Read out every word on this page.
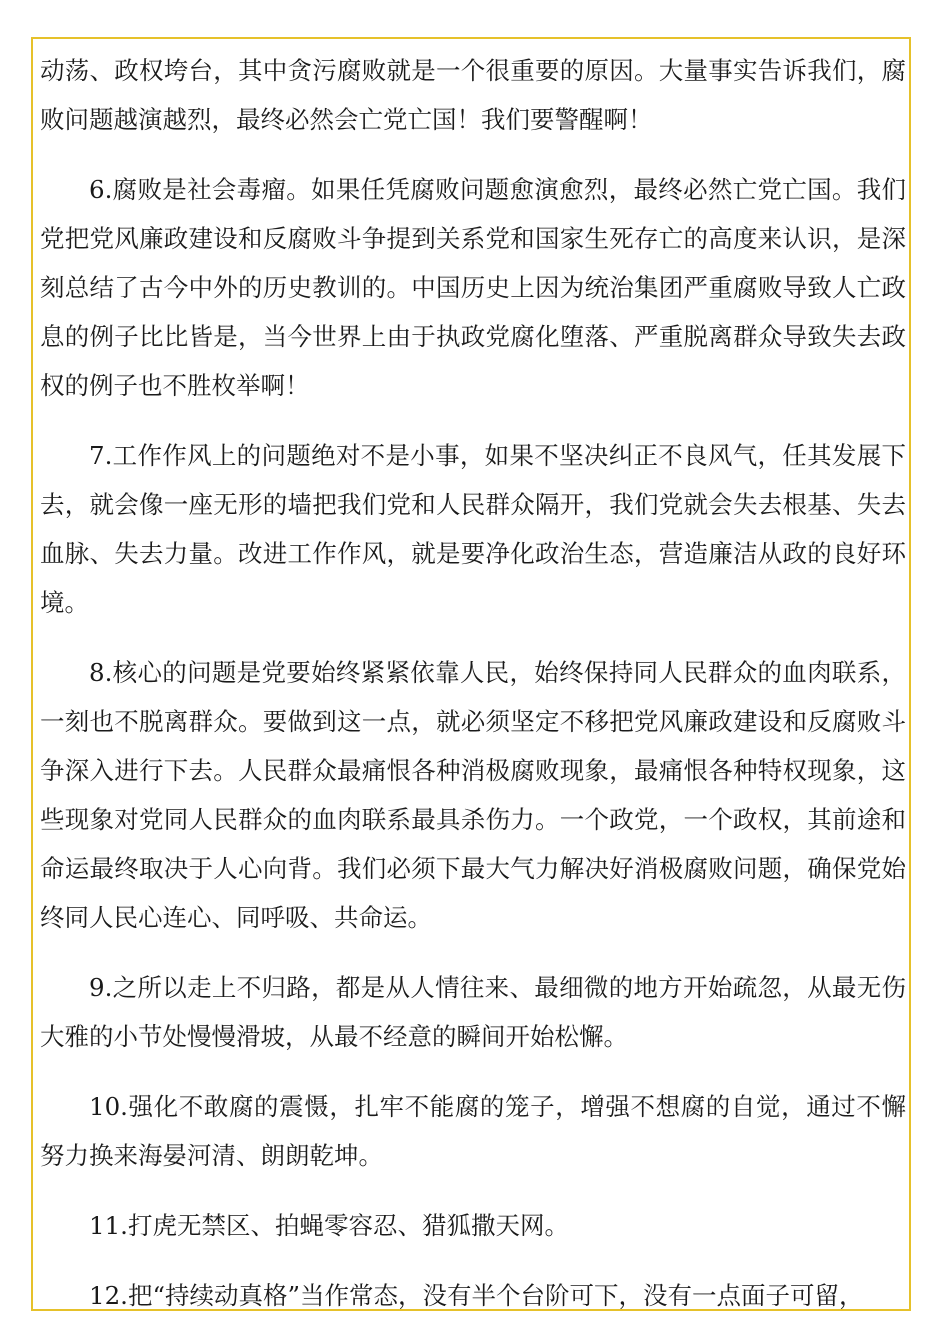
动荡、政权垮台，其中贪污腐败就是一个很重要的原因。大量事实告诉我们，腐败问题越演越烈，最终必然会亡党亡国！我们要警醒啊！

6.腐败是社会毒瘤。如果任凭腐败问题愈演愈烈，最终必然亡党亡国。我们党把党风廉政建设和反腐败斗争提到关系党和国家生死存亡的高度来认识，是深刻总结了古今中外的历史教训的。中国历史上因为统治集团严重腐败导致人亡政息的例子比比皆是，当今世界上由于执政党腐化堕落、严重脱离群众导致失去政权的例子也不胜枚举啊！

7.工作作风上的问题绝对不是小事，如果不坚决纠正不良风气，任其发展下去，就会像一座无形的墙把我们党和人民群众隔开，我们党就会失去根基、失去血脉、失去力量。改进工作作风，就是要净化政治生态，营造廉洁从政的良好环境。

8.核心的问题是党要始终紧紧依靠人民，始终保持同人民群众的血肉联系，一刻也不脱离群众。要做到这一点，就必须坚定不移把党风廉政建设和反腐败斗争深入进行下去。人民群众最痛恨各种消极腐败现象，最痛恨各种特权现象，这些现象对党同人民群众的血肉联系最具杀伤力。一个政党，一个政权，其前途和命运最终取决于人心向背。我们必须下最大气力解决好消极腐败问题，确保党始终同人民心连心、同呼吸、共命运。

9.之所以走上不归路，都是从人情往来、最细微的地方开始疏忽，从最无伤大雅的小节处慢慢滑坡，从最不经意的瞬间开始松懈。

10.强化不敢腐的震慑，扎牢不能腐的笼子，增强不想腐的自觉，通过不懈努力换来海晏河清、朗朗乾坤。

11.打虎无禁区、拍蝇零容忍、猎狐撒天网。

12.把“持续动真格”当作常态，没有半个台阶可下，没有一点面子可留，
